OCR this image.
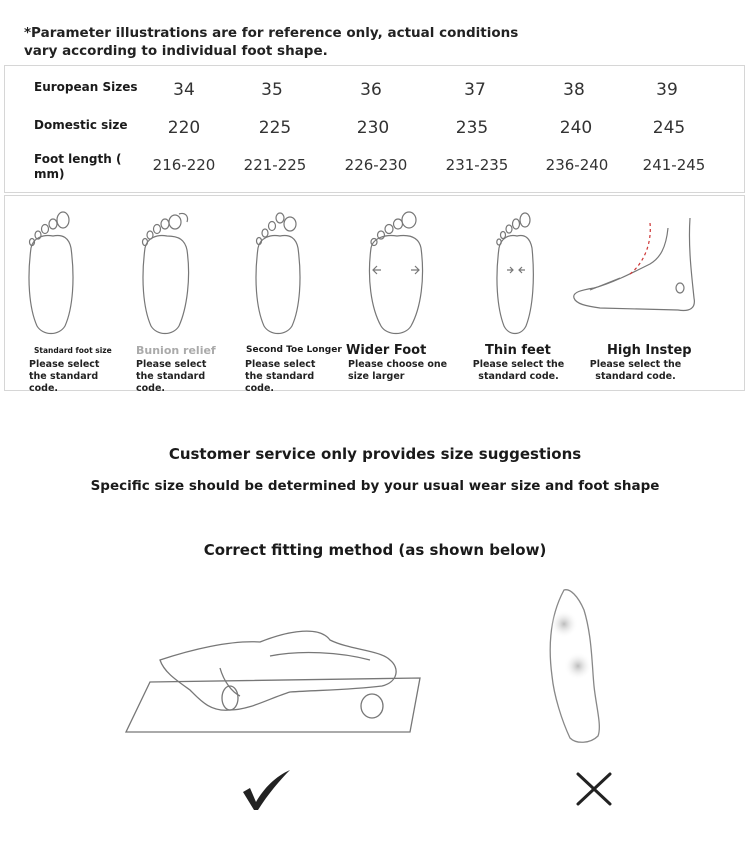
*Parameter illustrations are for reference only, actual conditions vary according to individual foot shape.
European Sizes	34	35	36	37	38	39
Domestic size	220	225	230	235	240	245
Foot length ( mm)	216-220	221-225	226-230	231-235	236-240	241-245
Standard foot size
Please select the standard code.
Bunion relief
Please select the standard code.
Second Toe Longer
Please select the standard code.
Wider Foot
Please choose one size larger
Thin feet
Please select the standard code.
High Instep
Please select the standard code.
Customer service only provides size suggestions
Specific size should be determined by your usual wear size and foot shape
Correct fitting method (as shown below)
